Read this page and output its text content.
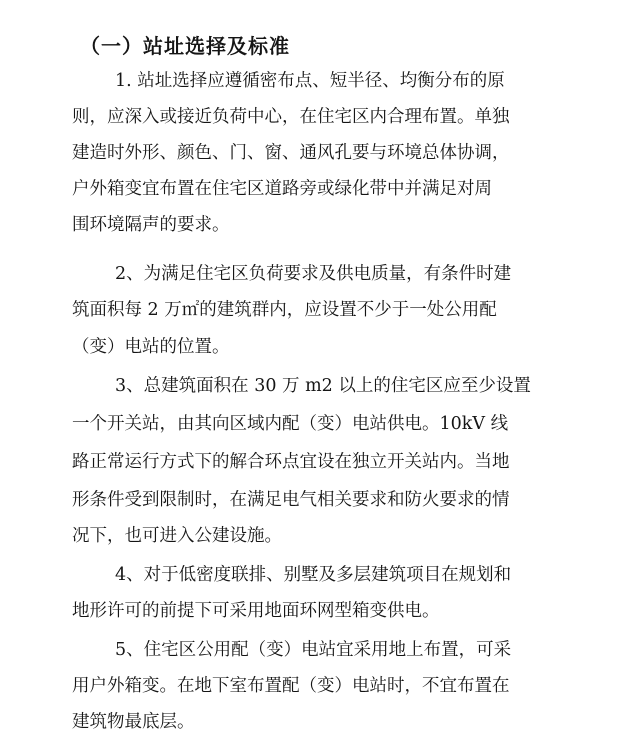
（一）站址选择及标准
1. 站址选择应遵循密布点、短半径、均衡分布的原
则，应深入或接近负荷中心，在住宅区内合理布置。单独
建造时外形、颜色、门、窗、通风孔要与环境总体协调，
户外箱变宜布置在住宅区道路旁或绿化带中并满足对周
围环境隔声的要求。
2、为满足住宅区负荷要求及供电质量，有条件时建
筑面积每 2 万㎡的建筑群内，应设置不少于一处公用配
（变）电站的位置。
3、总建筑面积在 30 万 m2 以上的住宅区应至少设置
一个开关站，由其向区域内配（变）电站供电。10kV 线
路正常运行方式下的解合环点宜设在独立开关站内。当地
形条件受到限制时，在满足电气相关要求和防火要求的情
况下，也可进入公建设施。
4、对于低密度联排、别墅及多层建筑项目在规划和
地形许可的前提下可采用地面环网型箱变供电。
5、住宅区公用配（变）电站宜采用地上布置，可采
用户外箱变。在地下室布置配（变）电站时，不宜布置在
建筑物最底层。
